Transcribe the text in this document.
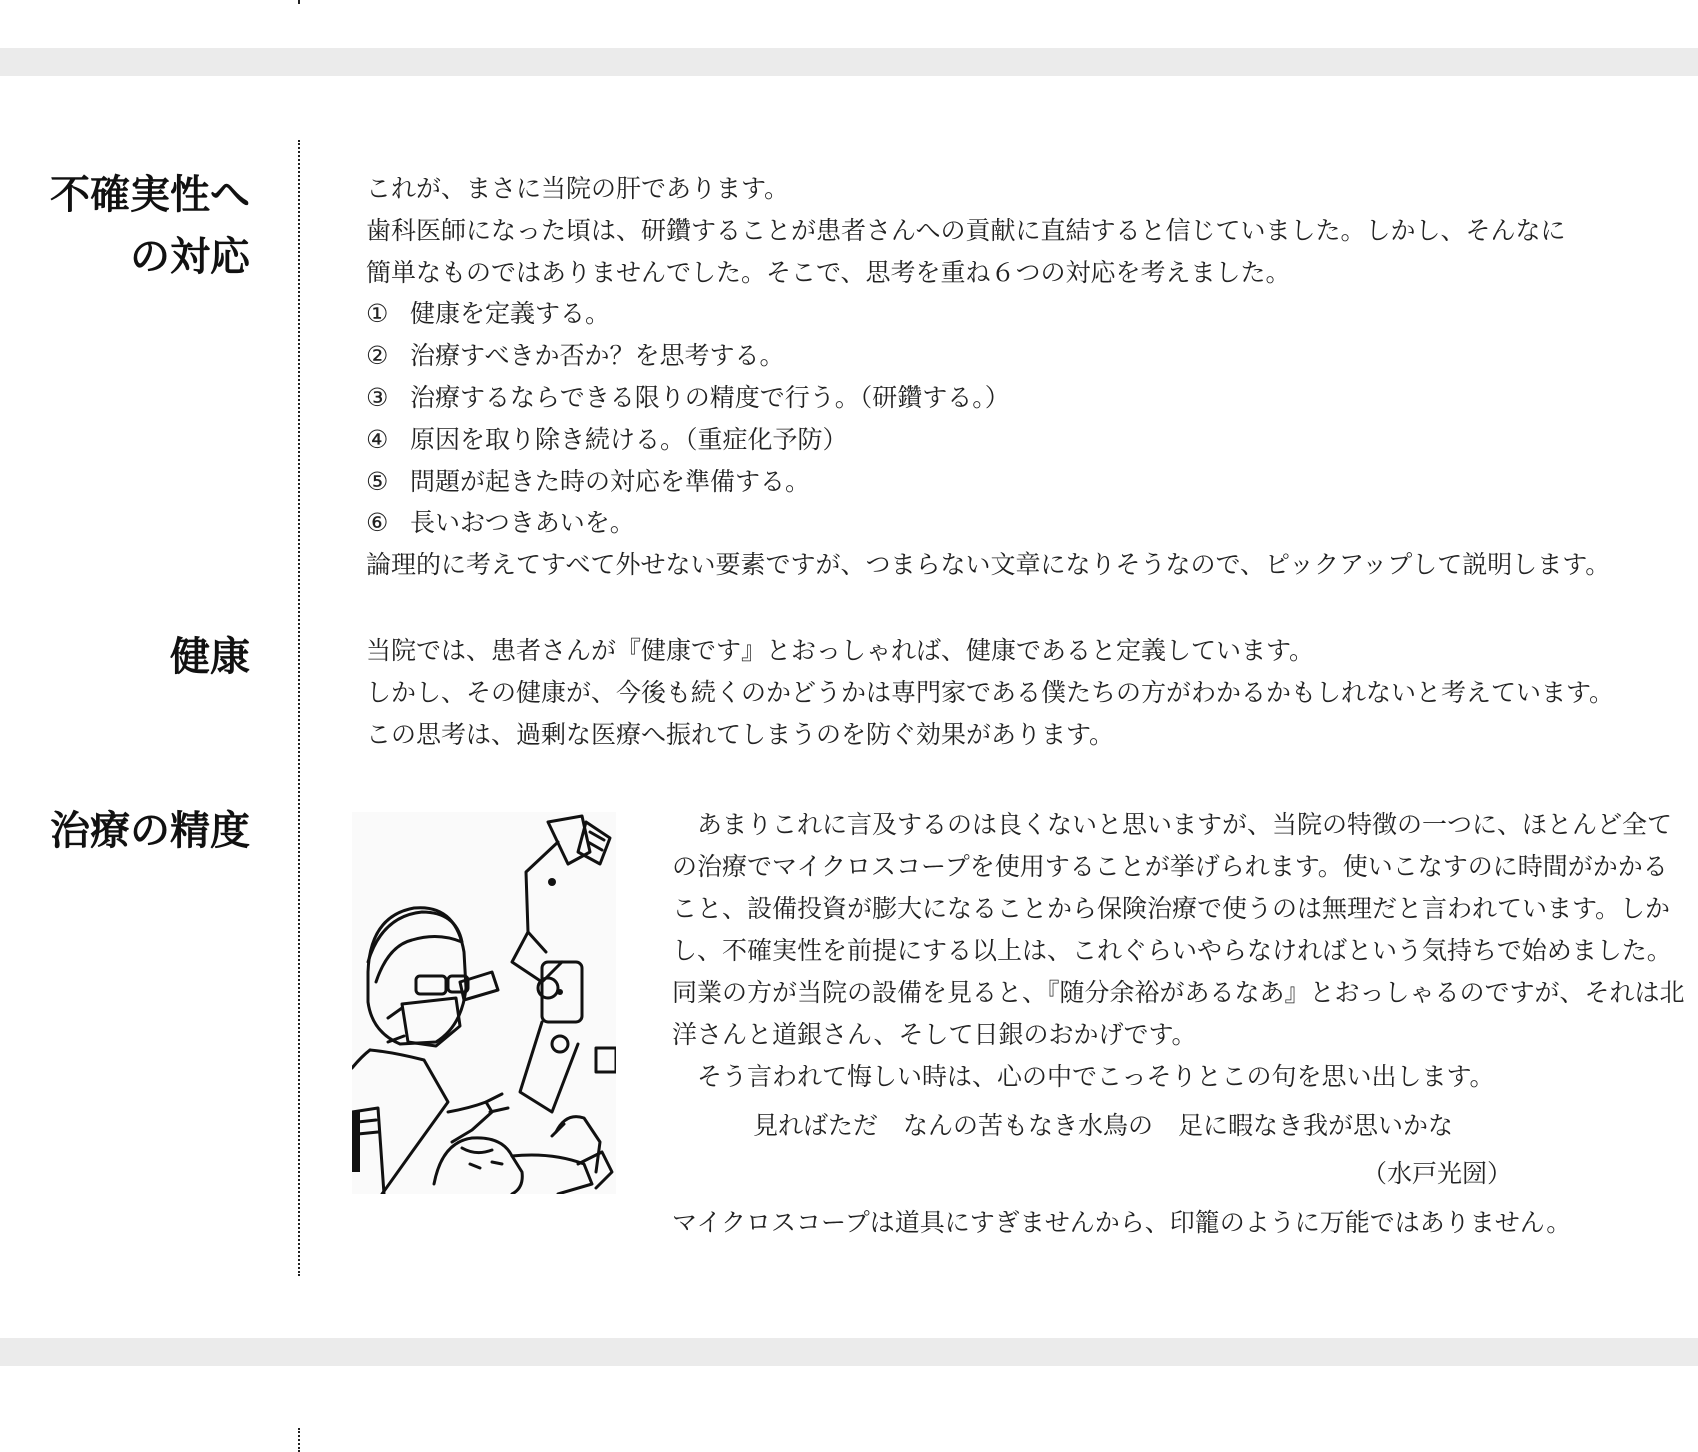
不確実性へ
の対応

これが、まさに当院の肝であります。

歯科医師になった頃は、研鑽することが患者さんへの貢献に直結すると信じていました。しかし、そんなに

簡単なものではありませんでした。そこで、思考を重ね６つの対応を考えました。

① 健康を定義する。

② 治療すべきか否か？を思考する。

③ 治療するならできる限りの精度で行う。（研鑽する。）

④ 原因を取り除き続ける。（重症化予防）

⑤ 問題が起きた時の対応を準備する。

⑥ 長いおつきあいを。

論理的に考えてすべて外せない要素ですが、つまらない文章になりそうなので、ピックアップして説明します。

健康	当院では、患者さんが『健康です』とおっしゃれば、健康であると定義しています。

しかし、その健康が、今後も続くのかどうかは専門家である僕たちの方がわかるかもしれないと考えています。

この思考は、過剰な医療へ振れてしまうのを防ぐ効果があります。

治療の精度	　あまりこれに言及するのは良くないと思いますが、当院の特徴の一つに、ほとんど全ての治療でマイクロスコープを使用することが挙げられます。使いこなすのに時間がかかること、設備投資が膨大になることから保険治療で使うのは無理だと言われています。しかし、不確実性を前提にする以上は、これぐらいやらなければという気持ちで始めました。同業の方が当院の設備を見ると、『随分余裕があるなあ』とおっしゃるのですが、それは北洋さんと道銀さん、そして日銀のおかげです。

　そう言われて悔しい時は、心の中でこっそりとこの句を思い出します。

見ればただ　なんの苦もなき水鳥の　足に暇なき我が思いかな

（水戸光圀）

マイクロスコープは道具にすぎませんから、印籠のように万能ではありません。
